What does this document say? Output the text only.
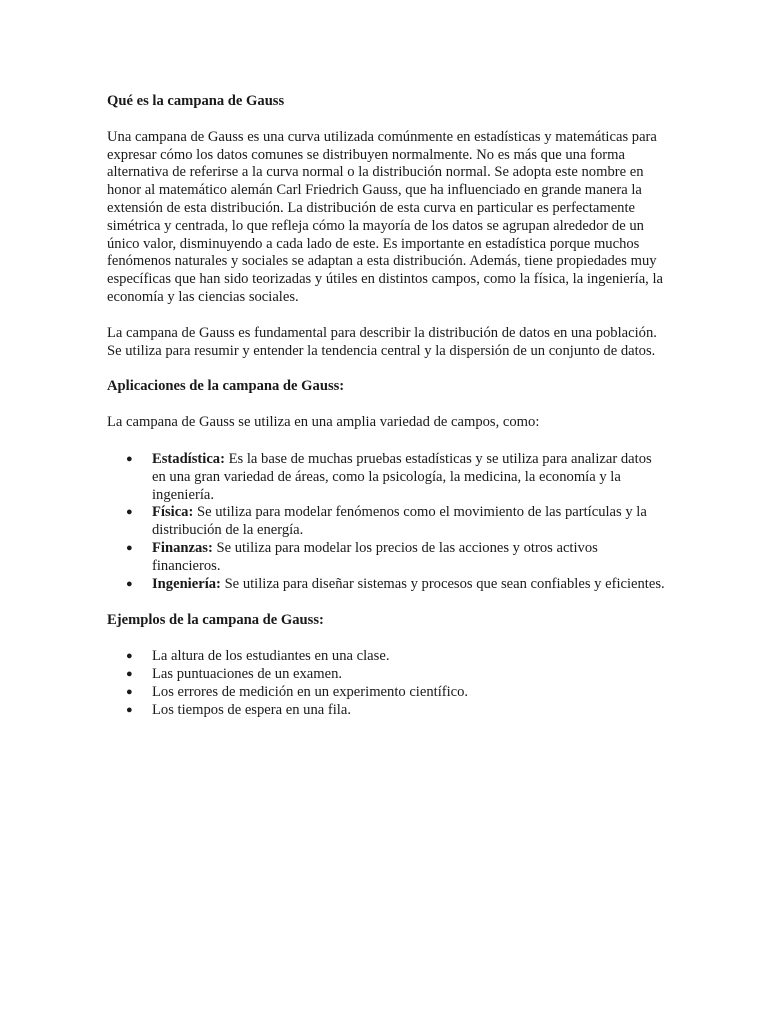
Qué es la campana de Gauss

Una campana de Gauss es una curva utilizada comúnmente en estadísticas y matemáticas para expresar cómo los datos comunes se distribuyen normalmente. No es más que una forma alternativa de referirse a la curva normal o la distribución normal. Se adopta este nombre en honor al matemático alemán Carl Friedrich Gauss, que ha influenciado en grande manera la extensión de esta distribución. La distribución de esta curva en particular es perfectamente simétrica y centrada, lo que refleja cómo la mayoría de los datos se agrupan alrededor de un único valor, disminuyendo a cada lado de este. Es importante en estadística porque muchos fenómenos naturales y sociales se adaptan a esta distribución. Además, tiene propiedades muy específicas que han sido teorizadas y útiles en distintos campos, como la física, la ingeniería, la economía y las ciencias sociales.

La campana de Gauss es fundamental para describir la distribución de datos en una población. Se utiliza para resumir y entender la tendencia central y la dispersión de un conjunto de datos.

Aplicaciones de la campana de Gauss:

La campana de Gauss se utiliza en una amplia variedad de campos, como:

● Estadística: Es la base de muchas pruebas estadísticas y se utiliza para analizar datos en una gran variedad de áreas, como la psicología, la medicina, la economía y la ingeniería.
● Física: Se utiliza para modelar fenómenos como el movimiento de las partículas y la distribución de la energía.
● Finanzas: Se utiliza para modelar los precios de las acciones y otros activos financieros.
● Ingeniería: Se utiliza para diseñar sistemas y procesos que sean confiables y eficientes.

Ejemplos de la campana de Gauss:

● La altura de los estudiantes en una clase.
● Las puntuaciones de un examen.
● Los errores de medición en un experimento científico.
● Los tiempos de espera en una fila.
